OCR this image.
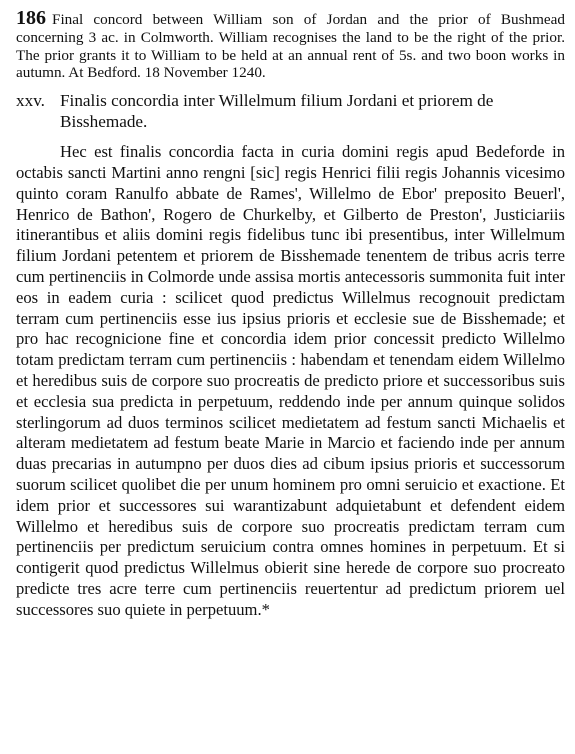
186 Final concord between William son of Jordan and the prior of Bushmead concerning 3 ac. in Colmworth. William recognises the land to be the right of the prior. The prior grants it to William to be held at an annual rent of 5s. and two boon works in autumn. At Bedford. 18 November 1240.

xxv. Finalis concordia inter Willelmum filium Jordani et priorem de Bisshemade.

Hec est finalis concordia facta in curia domini regis apud Bedeforde in octabis sancti Martini anno rengni [sic] regis Henrici filii regis Johannis vicesimo quinto coram Ranulfo abbate de Rames', Willelmo de Ebor' preposito Beuerl', Henrico de Bathon', Rogero de Churkelby, et Gilberto de Preston', Justiciariis itinerantibus et aliis domini regis fidelibus tunc ibi presentibus, inter Willelmum filium Jordani petentem et priorem de Bisshemade tenentem de tribus acris terre cum pertinenciis in Colmorde unde assisa mortis antecessoris summonita fuit inter eos in eadem curia : scilicet quod predictus Willelmus recognouit predictam terram cum pertinenciis esse ius ipsius prioris et ecclesie sue de Bisshemade; et pro hac recognicione fine et concordia idem prior concessit predicto Willelmo totam predictam terram cum pertinenciis : habendam et tenendam eidem Willelmo et heredibus suis de corpore suo procreatis de predicto priore et successoribus suis et ecclesia sua predicta in perpetuum, reddendo inde per annum quinque solidos sterlingorum ad duos terminos scilicet medietatem ad festum sancti Michaelis et alteram medietatem ad festum beate Marie in Marcio et faciendo inde per annum duas precarias in autumpno per duos dies ad cibum ipsius prioris et successorum suorum scilicet quolibet die per unum hominem pro omni seruicio et exactione. Et idem prior et successores sui warantizabunt adquietabunt et defendent eidem Willelmo et heredibus suis de corpore suo procreatis predictam terram cum pertinenciis per predictum seruicium contra omnes homines in perpetuum. Et si contigerit quod predictus Willelmus obierit sine herede de corpore suo procreato predicte tres acre terre cum pertinenciis reuertentur ad predictum priorem uel successores suo quiete in perpetuum.*
